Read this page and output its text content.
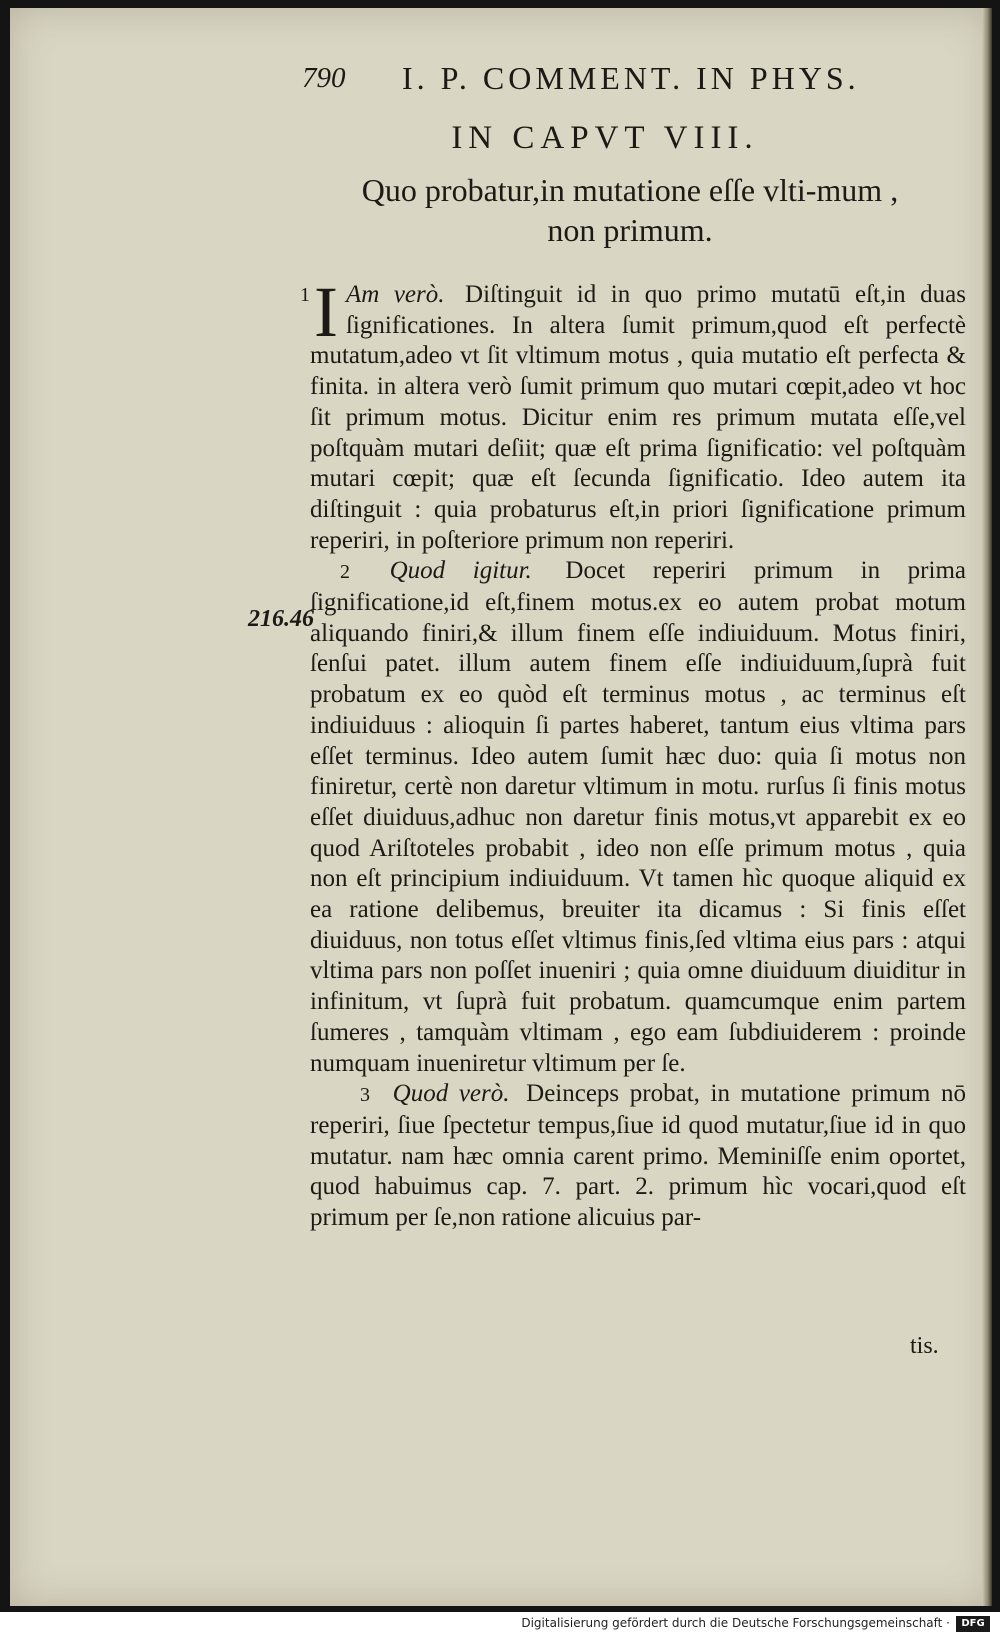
790 I. P. COMMENT. IN PHYS.
IN CAPVT VIII.
Quo probatur,in mutatione eſſe vlti-mum , non primum.
216.46

1 I Am verò. Diſtinguit id in quo primo mutatū eſt,in duas ſignificationes. In altera ſumit primum,quod eſt perfectè mutatum,adeo vt ſit vltimum motus , quia mutatio eſt perfecta & finita. in altera verò ſumit primum quo mutari cœpit,adeo vt hoc ſit primum motus. Dicitur enim res primum mutata eſſe,vel poſtquàm mutari deſiit; quæ eſt prima ſignificatio: vel poſtquàm mutari cœpit; quæ eſt ſecunda ſignificatio. Ideo autem ita diſtinguit : quia probaturus eſt,in priori ſignificatione primum reperiri, in poſteriore primum non reperiri.

2 Quod igitur. Docet reperiri primum in prima ſignificatione,id eſt,finem motus.ex eo autem probat motum aliquando finiri,& illum finem eſſe indiuiduum. Motus finiri, ſenſui patet. illum autem finem eſſe indiuiduum,ſuprà fuit probatum ex eo quòd eſt terminus motus , ac terminus eſt indiuiduus : alioquin ſi partes haberet, tantum eius vltima pars eſſet terminus. Ideo autem ſumit hæc duo: quia ſi motus non finiretur, certè non daretur vltimum in motu. rurſus ſi finis motus eſſet diuiduus,adhuc non daretur finis motus,vt apparebit ex eo quod Ariſtoteles probabit , ideo non eſſe primum motus , quia non eſt principium indiuiduum. Vt tamen hìc quoque aliquid ex ea ratione delibemus, breuiter ita dicamus : Si finis eſſet diuiduus, non totus eſſet vltimus finis,ſed vltima eius pars : atqui vltima pars non poſſet inueniri ; quia omne diuiduum diuiditur in infinitum, vt ſuprà fuit probatum. quamcumque enim partem ſumeres , tamquàm vltimam , ego eam ſubdiuiderem : proinde numquam inueniretur vltimum per ſe.

3 Quod verò. Deinceps probat, in mutatione primum nō reperiri, ſiue ſpectetur tempus,ſiue id quod mutatur,ſiue id in quo mutatur. nam hæc omnia carent primo. Meminiſſe enim oportet, quod habuimus cap. 7. part. 2. primum hìc vocari,quod eſt primum per ſe,non ratione alicuius par-

tis.
Digitalisierung gefördert durch die Deutsche Forschungsgemeinschaft ·	DFG
